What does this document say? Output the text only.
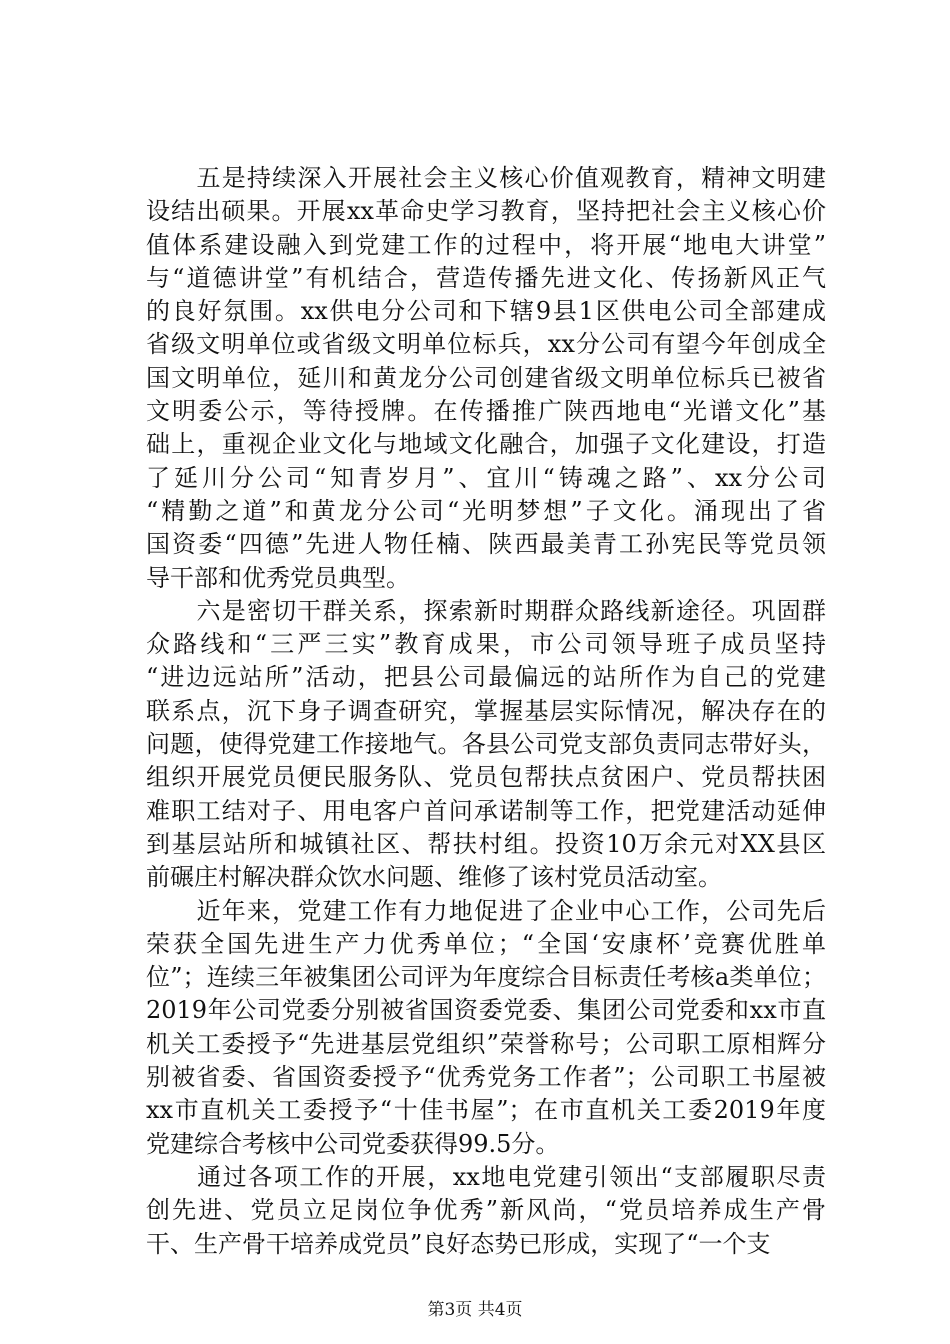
　　五是持续深入开展社会主义核心价值观教育，精神文明建
设结出硕果。开展xx革命史学习教育，坚持把社会主义核心价
值体系建设融入到党建工作的过程中，将开展“地电大讲堂”
与“道德讲堂”有机结合，营造传播先进文化、传扬新风正气
的良好氛围。xx供电分公司和下辖9县1区供电公司全部建成
省级文明单位或省级文明单位标兵，xx分公司有望今年创成全
国文明单位，延川和黄龙分公司创建省级文明单位标兵已被省
文明委公示，等待授牌。在传播推广陕西地电“光谱文化”基
础上，重视企业文化与地域文化融合，加强子文化建设，打造
了延川分公司“知青岁月”、宜川“铸魂之路”、xx分公司
“精勤之道”和黄龙分公司“光明梦想”子文化。涌现出了省
国资委“四德”先进人物任楠、陕西最美青工孙宪民等党员领
导干部和优秀党员典型。
　　六是密切干群关系，探索新时期群众路线新途径。巩固群
众路线和“三严三实”教育成果，市公司领导班子成员坚持
“进边远站所”活动，把县公司最偏远的站所作为自己的党建
联系点，沉下身子调查研究，掌握基层实际情况，解决存在的
问题，使得党建工作接地气。各县公司党支部负责同志带好头，
组织开展党员便民服务队、党员包帮扶点贫困户、党员帮扶困
难职工结对子、用电客户首问承诺制等工作，把党建活动延伸
到基层站所和城镇社区、帮扶村组。投资10万余元对XX县区
前碾庄村解决群众饮水问题、维修了该村党员活动室。
　　近年来，党建工作有力地促进了企业中心工作，公司先后
荣获全国先进生产力优秀单位；“全国‘安康杯’竞赛优胜单
位”；连续三年被集团公司评为年度综合目标责任考核a类单位；
2019年公司党委分别被省国资委党委、集团公司党委和xx市直
机关工委授予“先进基层党组织”荣誉称号；公司职工原相辉分
别被省委、省国资委授予“优秀党务工作者”；公司职工书屋被
xx市直机关工委授予“十佳书屋”；在市直机关工委2019年度
党建综合考核中公司党委获得99.5分。
　　通过各项工作的开展，xx地电党建引领出“支部履职尽责
创先进、党员立足岗位争优秀”新风尚，“党员培养成生产骨
干、生产骨干培养成党员”良好态势已形成，实现了“一个支
第3页 共4页
